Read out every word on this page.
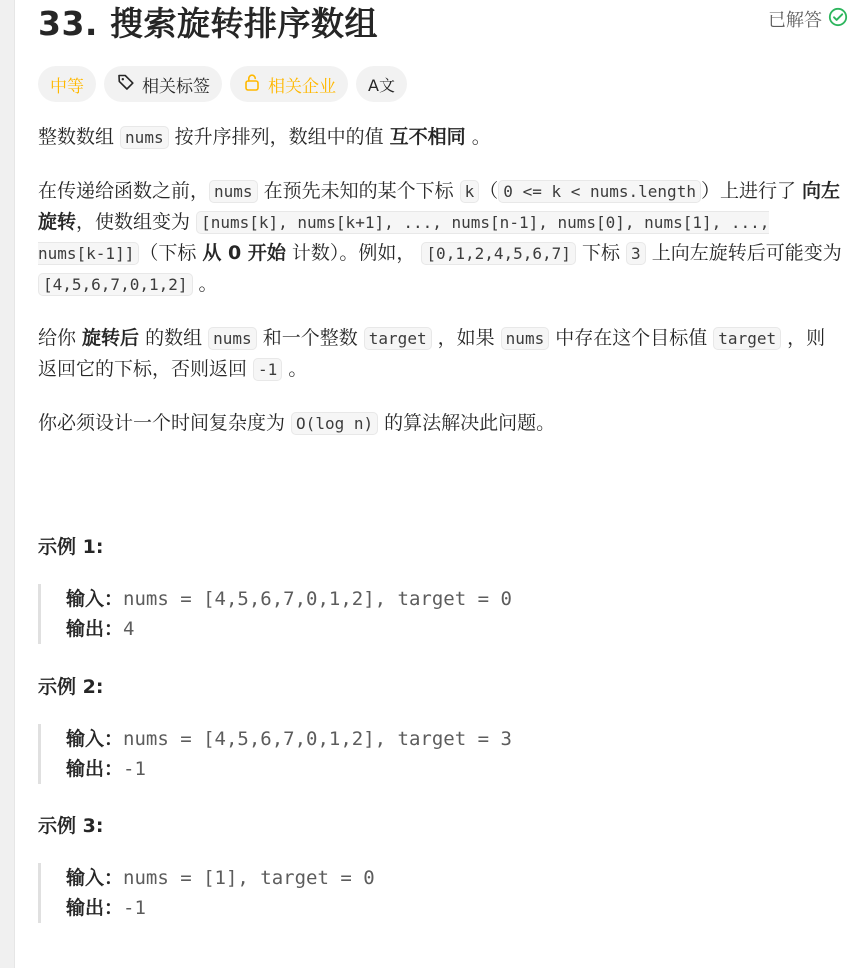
33. 搜索旋转排序数组	已解答
中等	相关标签	相关企业 A文

整数数组 nums 按升序排列，数组中的值 互不相同 。

在传递给函数之前， nums 在预先未知的某个下标 k （ 0 <= k < nums.length ）上进行了 向左旋转，使数组变为 [nums[k], nums[k+1], ..., nums[n-1], nums[0], nums[1], ..., nums[k-1]] （下标 从 0 开始 计数）。例如， [0,1,2,4,5,6,7] 下标 3 上向左旋转后可能变为 [4,5,6,7,0,1,2] 。

给你 旋转后 的数组 nums 和一个整数 target ，如果 nums 中存在这个目标值 target ，则返回它的下标，否则返回 -1 。

你必须设计一个时间复杂度为 O(log n) 的算法解决此问题。

示例 1:
输入：nums = [4,5,6,7,0,1,2], target = 0
输出：4
示例 2:
输入：nums = [4,5,6,7,0,1,2], target = 3
输出：-1
示例 3:
输入：nums = [1], target = 0
输出：-1
